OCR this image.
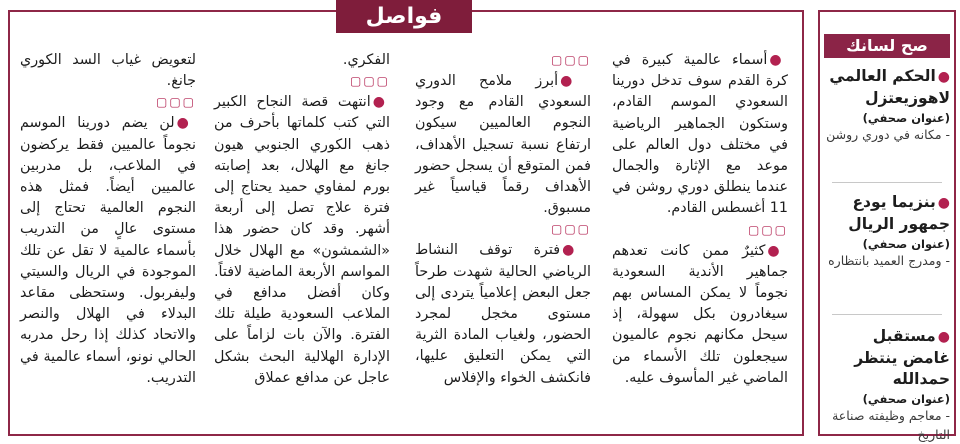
فواصل

●أسماء عالمية كبيرة في كرة القدم سوف تدخل دورينا السعودي الموسم القادم، وستكون الجماهير الرياضية في مختلف دول العالم على موعد مع الإثارة والجمال عندما ينطلق دوري روشن في 11 أغسطس القادم.

▢▢▢

●كثيرٌ ممن كانت تعدهم جماهير الأندية السعودية نجوماً لا يمكن المساس بهم سيغادرون بكل سهولة، إذ سيحل مكانهم نجوم عالميون سيجعلون تلك الأسماء من الماضي غير المأسوف عليه.

▢▢▢

●أبرز ملامح الدوري السعودي القادم مع وجود النجوم العالميين سيكون ارتفاع نسبة تسجيل الأهداف، فمن المتوقع أن يسجل حضور الأهداف رقماً قياسياً غير مسبوق.

▢▢▢

●فترة توقف النشاط الرياضي الحالية شهدت طرحاً جعل البعض إعلامياً يتردى إلى مستوى مخجل لمجرد الحضور، ولغياب المادة الثرية التي يمكن التعليق عليها، فانكشف الخواء والإفلاس

الفكري.

▢▢▢

●انتهت قصة النجاح الكبير التي كتب كلماتها بأحرف من ذهب الكوري الجنوبي هيون جانغ مع الهلال، بعد إصابته بورم لمفاوي حميد يحتاج إلى فترة علاج تصل إلى أربعة أشهر. وقد كان حضور هذا «الشمشون» مع الهلال خلال المواسم الأربعة الماضية لافتاً. وكان أفضل مدافع في الملاعب السعودية طيلة تلك الفترة. والآن بات لزاماً على الإدارة الهلالية البحث بشكل عاجل عن مدافع عملاق

لتعويض غياب السد الكوري جانغ.

▢▢▢

●لن يضم دورينا الموسم نجوماً عالميين فقط يركضون في الملاعب، بل مدربين عالميين أيضاً. فمثل هذه النجوم العالمية تحتاج إلى مستوى عالٍ من التدريب بأسماء عالمية لا تقل عن تلك الموجودة في الريال والسيتي وليفربول. وستحظى مقاعد البدلاء في الهلال والنصر والاتحاد كذلك إذا رحل مدربه الحالي نونو، أسماء عالمية في التدريب.

صح لسانك
●الحكم العالمي لاهوزيعتزل
(عنوان صحفي)

- مكانه في دوري روشن

●بنزيما يودع جمهور الريال
(عنوان صحفي)

- ومدرج العميد بانتظاره

●مستقبل غامض ينتظر حمدالله
(عنوان صحفي)

- معاجم وظيفته صناعة التاريخ
